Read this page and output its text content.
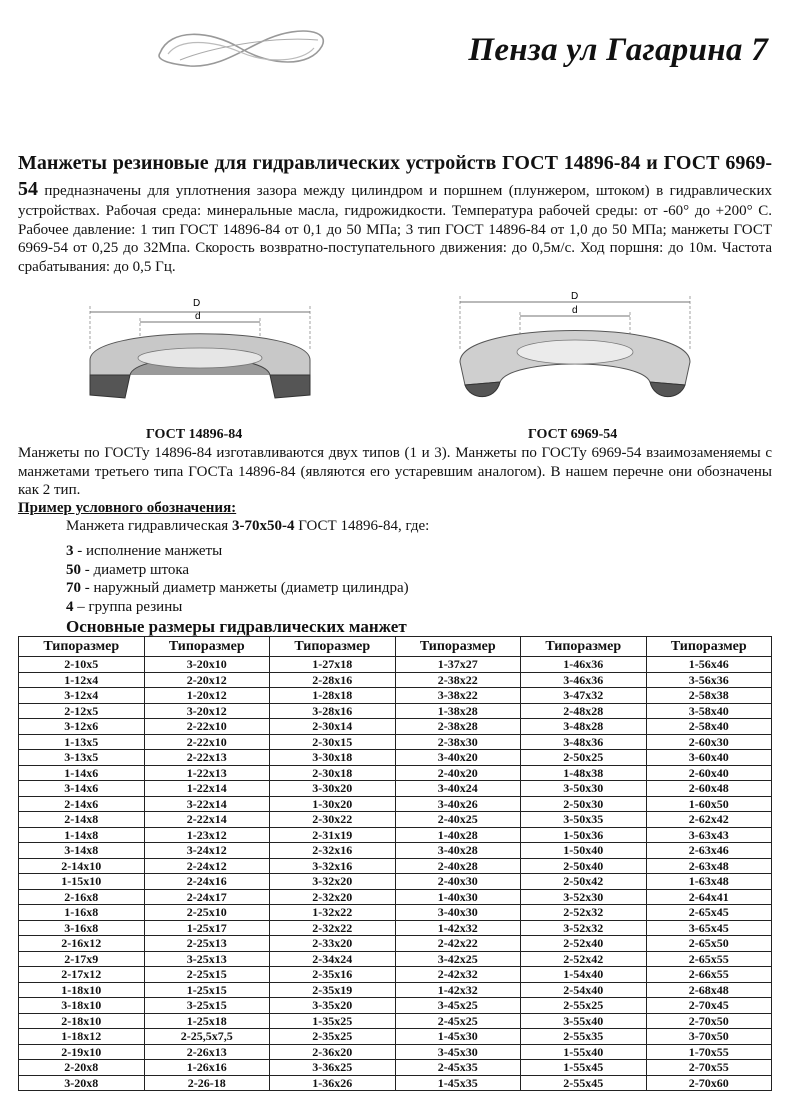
Пенза ул Гагарина 7
Манжеты резиновые для гидравлических устройств ГОСТ 14896-84 и ГОСТ 6969-54 предназначены для уплотнения зазора между цилиндром и поршнем (плунжером, штоком) в гидравлических устройствах. Рабочая среда: минеральные масла, гидрожидкости. Температура рабочей среды: от -60° до +200° С. Рабочее давление: 1 тип ГОСТ 14896-84 от 0,1 до 50 МПа; 3 тип ГОСТ 14896-84 от 1,0 до 50 МПа; манжеты ГОСТ 6969-54 от 0,25 до 32Мпа. Скорость возвратно-поступательного движения: до 0,5м/с. Ход поршня: до 10м. Частота срабатывания: до 0,5 Гц.
D
d
ГОСТ 14896-84
D
d
ГОСТ 6969-54
Манжеты по ГОСТу 14896-84 изготавливаются двух типов (1 и 3). Манжеты по ГОСТу 6969-54 взаимозаменяемы с манжетами третьего типа ГОСТа 14896-84 (являются его устаревшим аналогом). В нашем перечне они обозначены как 2 тип.
Пример условного обозначения:
Манжета гидравлическая 3-70х50-4 ГОСТ 14896-84, где:
3 - исполнение манжеты
50 - диаметр штока
70 - наружный диаметр манжеты (диаметр цилиндра)
4 – группа резины
Основные размеры гидравлических манжет
Типоразмер	Типоразмер	Типоразмер	Типоразмер	Типоразмер	Типоразмер
2-10x5	3-20x10	1-27x18	1-37x27	1-46x36	1-56x46
1-12x4	2-20x12	2-28x16	2-38x22	3-46x36	3-56x36
3-12x4	1-20x12	1-28x18	3-38x22	3-47x32	2-58x38
2-12x5	3-20x12	3-28x16	1-38x28	2-48x28	3-58x40
3-12x6	2-22x10	2-30x14	2-38x28	3-48x28	2-58x40
1-13x5	2-22x10	2-30x15	2-38x30	3-48x36	2-60x30
3-13x5	2-22x13	3-30x18	3-40x20	2-50x25	3-60x40
1-14x6	1-22x13	2-30x18	2-40x20	1-48x38	2-60x40
3-14x6	1-22x14	3-30x20	3-40x24	3-50x30	2-60x48
2-14x6	3-22x14	1-30x20	3-40x26	2-50x30	1-60x50
2-14x8	2-22x14	2-30x22	2-40x25	3-50x35	2-62x42
1-14x8	1-23x12	2-31x19	1-40x28	1-50x36	3-63x43
3-14x8	3-24x12	2-32x16	3-40x28	1-50x40	2-63x46
2-14x10	2-24x12	3-32x16	2-40x28	2-50x40	2-63x48
1-15x10	2-24x16	3-32x20	2-40x30	2-50x42	1-63x48
2-16x8	2-24x17	2-32x20	1-40x30	3-52x30	2-64x41
1-16x8	2-25x10	1-32x22	3-40x30	2-52x32	2-65x45
3-16x8	1-25x17	2-32x22	1-42x32	3-52x32	3-65x45
2-16x12	2-25x13	2-33x20	2-42x22	2-52x40	2-65x50
2-17x9	3-25x13	2-34x24	3-42x25	2-52x42	2-65x55
2-17x12	2-25x15	2-35x16	2-42x32	1-54x40	2-66x55
1-18x10	1-25x15	2-35x19	1-42x32	2-54x40	2-68x48
3-18x10	3-25x15	3-35x20	3-45x25	2-55x25	2-70x45
2-18x10	1-25x18	1-35x25	2-45x25	3-55x40	2-70x50
1-18x12	2-25,5x7,5	2-35x25	1-45x30	2-55x35	3-70x50
2-19x10	2-26x13	2-36x20	3-45x30	1-55x40	1-70x55
2-20x8	1-26x16	3-36x25	2-45x35	1-55x45	2-70x55
3-20x8	2-26-18	1-36x26	1-45x35	2-55x45	2-70x60
